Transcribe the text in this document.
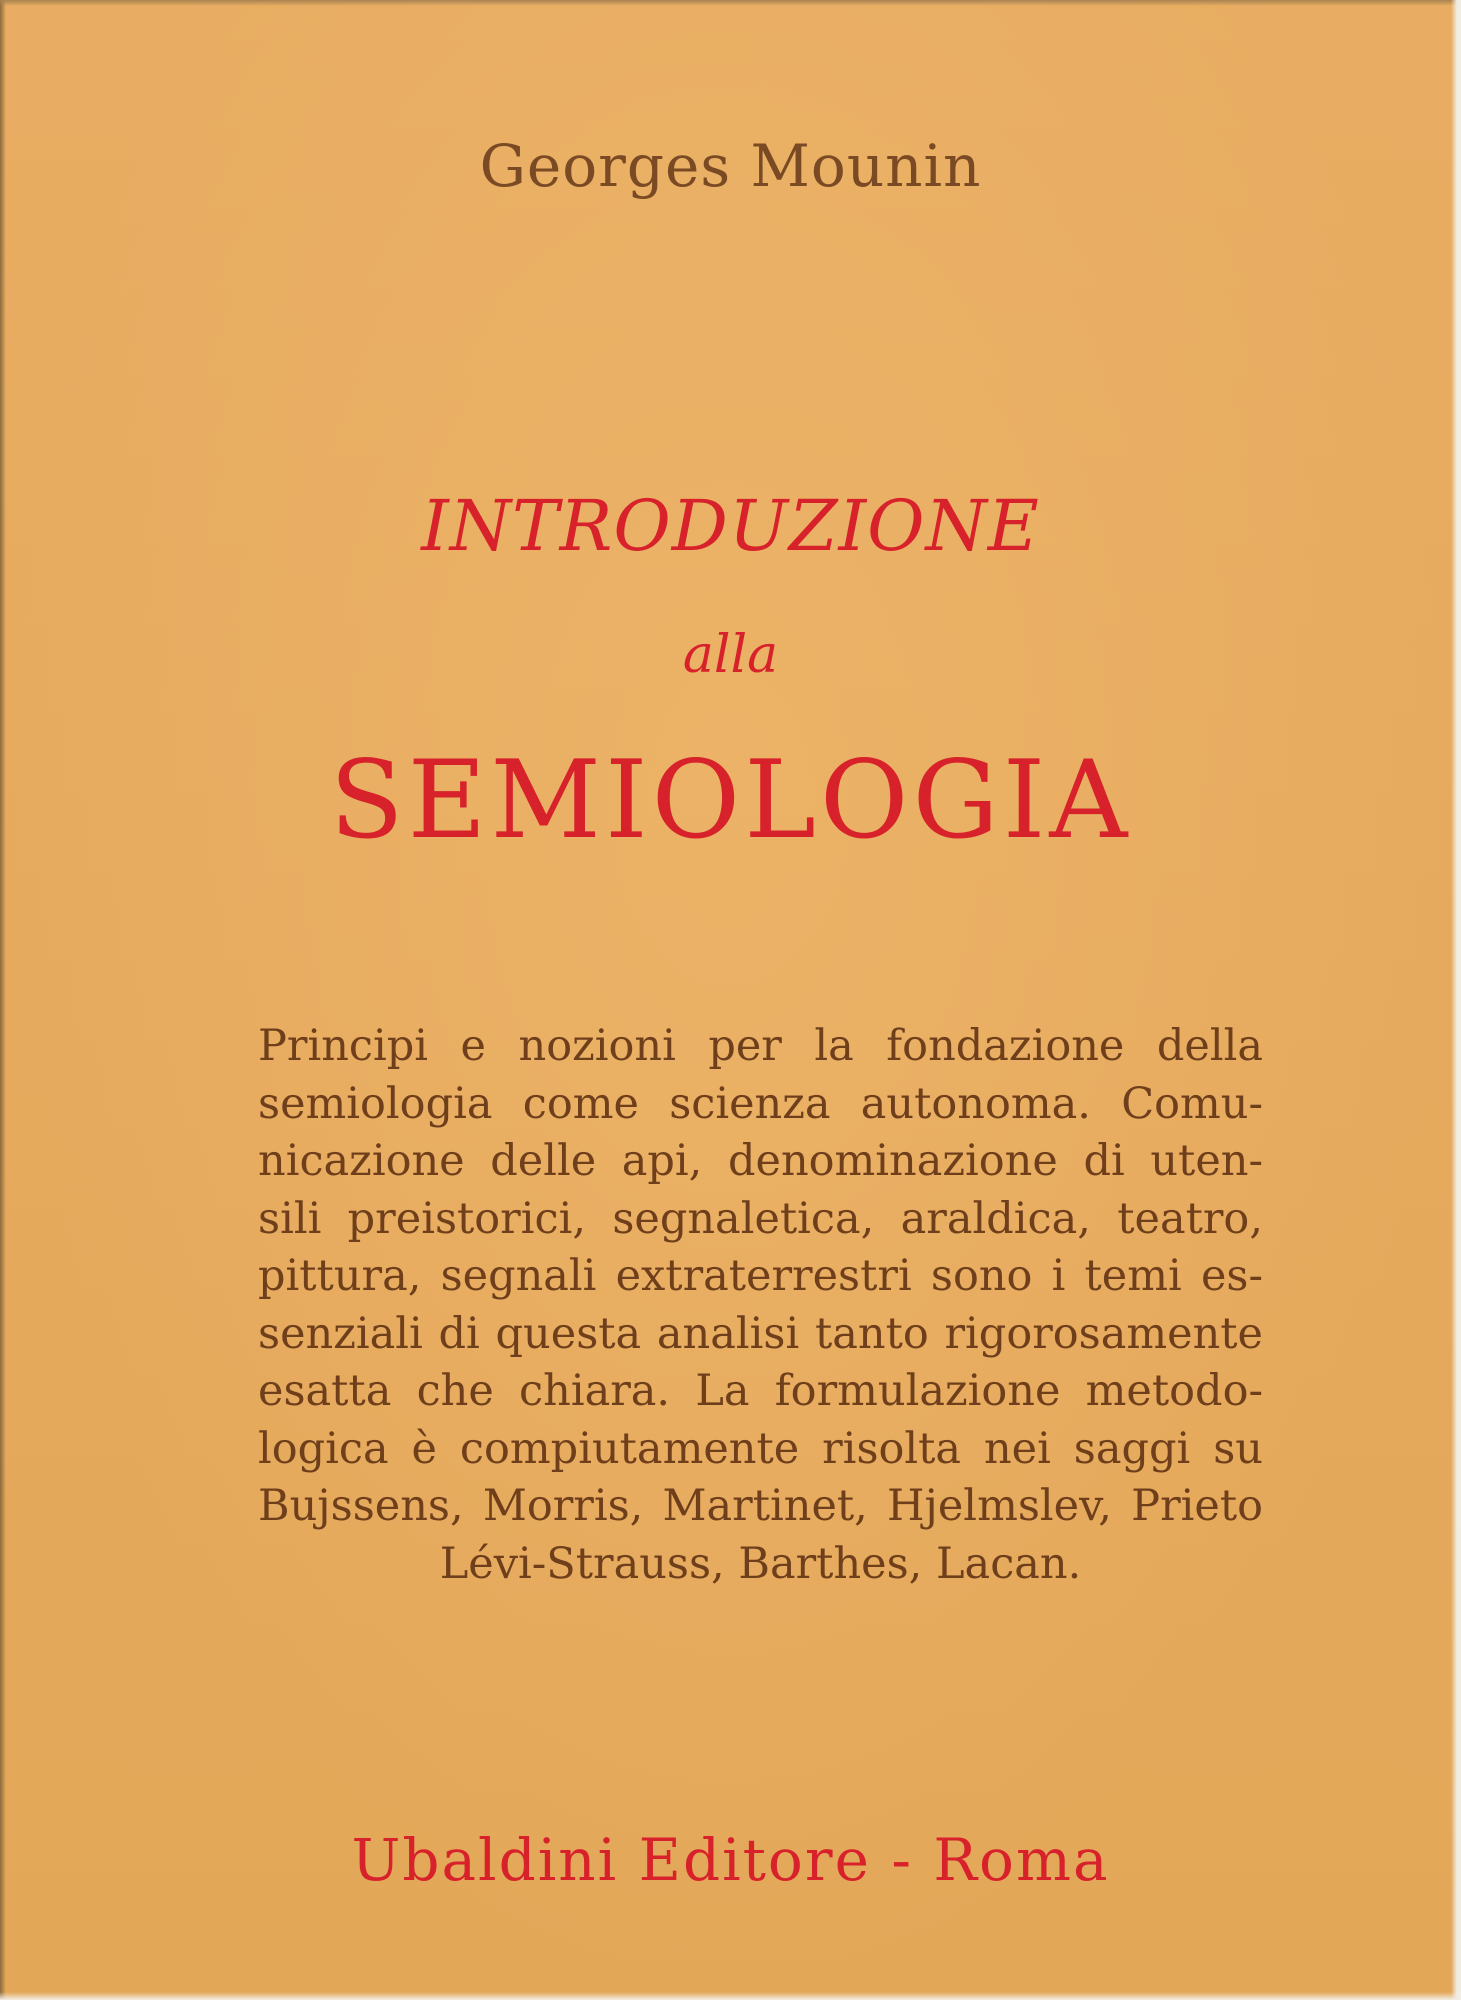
Georges Mounin
INTRODUZIONE
alla
SEMIOLOGIA
Principi e nozioni per la fondazione della
semiologia come scienza autonoma. Comu-
nicazione delle api, denominazione di uten-
sili preistorici, segnaletica, araldica, teatro,
pittura, segnali extraterrestri sono i temi es-
senziali di questa analisi tanto rigorosamente
esatta che chiara. La formulazione metodo-
logica è compiutamente risolta nei saggi su
Bujssens, Morris, Martinet, Hjelmslev, Prieto
Lévi-Strauss, Barthes, Lacan.
Ubaldini Editore - Roma
